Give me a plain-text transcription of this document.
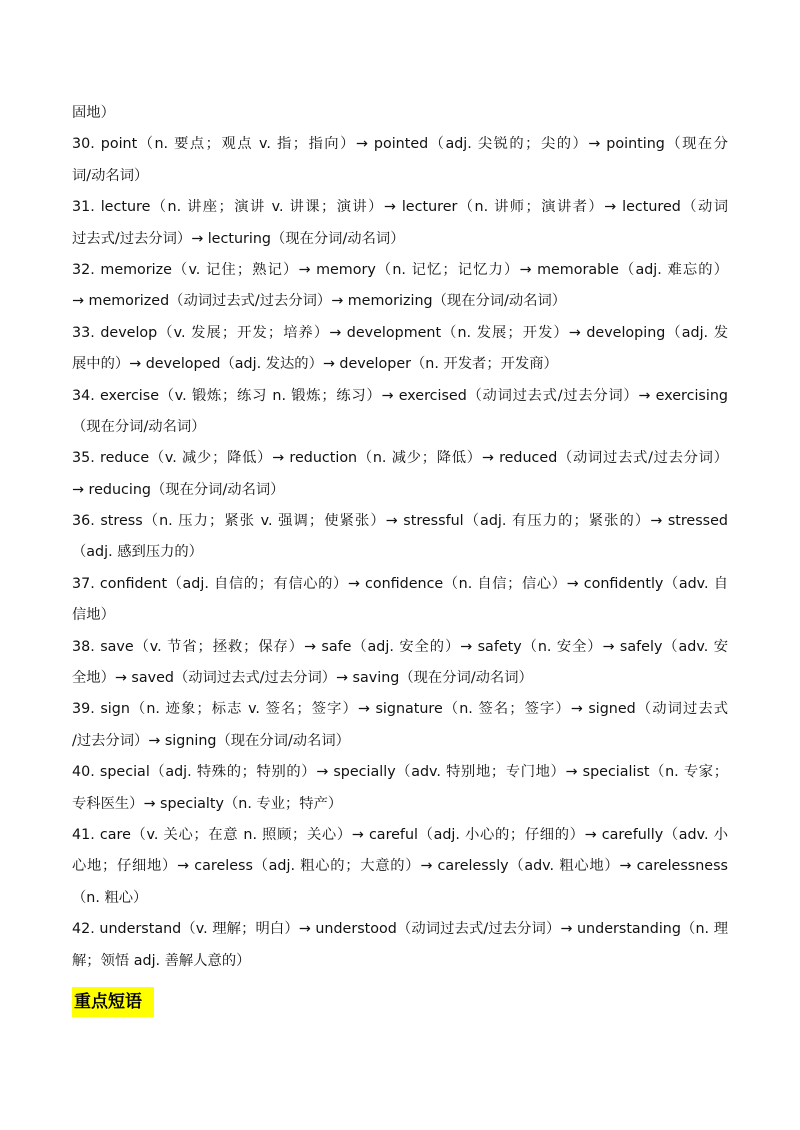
固地）
30. point（n. 要点；观点 v. 指；指向）→ pointed（adj. 尖锐的；尖的）→ pointing（现在分
词/动名词）
31. lecture（n. 讲座；演讲 v. 讲课；演讲）→ lecturer（n. 讲师；演讲者）→ lectured（动词
过去式/过去分词）→ lecturing（现在分词/动名词）
32. memorize（v. 记住；熟记）→ memory（n. 记忆；记忆力）→ memorable（adj. 难忘的）
→ memorized（动词过去式/过去分词）→ memorizing（现在分词/动名词）
33. develop（v. 发展；开发；培养）→ development（n. 发展；开发）→ developing（adj. 发
展中的）→ developed（adj. 发达的）→ developer（n. 开发者；开发商）
34. exercise（v. 锻炼；练习 n. 锻炼；练习）→ exercised（动词过去式/过去分词）→ exercising
（现在分词/动名词）
35. reduce（v. 减少；降低）→ reduction（n. 减少；降低）→ reduced（动词过去式/过去分词）
→ reducing（现在分词/动名词）
36. stress（n. 压力；紧张 v. 强调；使紧张）→ stressful（adj. 有压力的；紧张的）→ stressed
（adj. 感到压力的）
37. confident（adj. 自信的；有信心的）→ confidence（n. 自信；信心）→ confidently（adv. 自
信地）
38. save（v. 节省；拯救；保存）→ safe（adj. 安全的）→ safety（n. 安全）→ safely（adv. 安
全地）→ saved（动词过去式/过去分词）→ saving（现在分词/动名词）
39. sign（n. 迹象；标志 v. 签名；签字）→ signature（n. 签名；签字）→ signed（动词过去式
/过去分词）→ signing（现在分词/动名词）
40. special（adj. 特殊的；特别的）→ specially（adv. 特别地；专门地）→ specialist（n. 专家；
专科医生）→ specialty（n. 专业；特产）
41. care（v. 关心；在意 n. 照顾；关心）→ careful（adj. 小心的；仔细的）→ carefully（adv. 小
心地；仔细地）→ careless（adj. 粗心的；大意的）→ carelessly（adv. 粗心地）→ carelessness
（n. 粗心）
42. understand（v. 理解；明白）→ understood（动词过去式/过去分词）→ understanding（n. 理
解；领悟 adj. 善解人意的）
重点短语
